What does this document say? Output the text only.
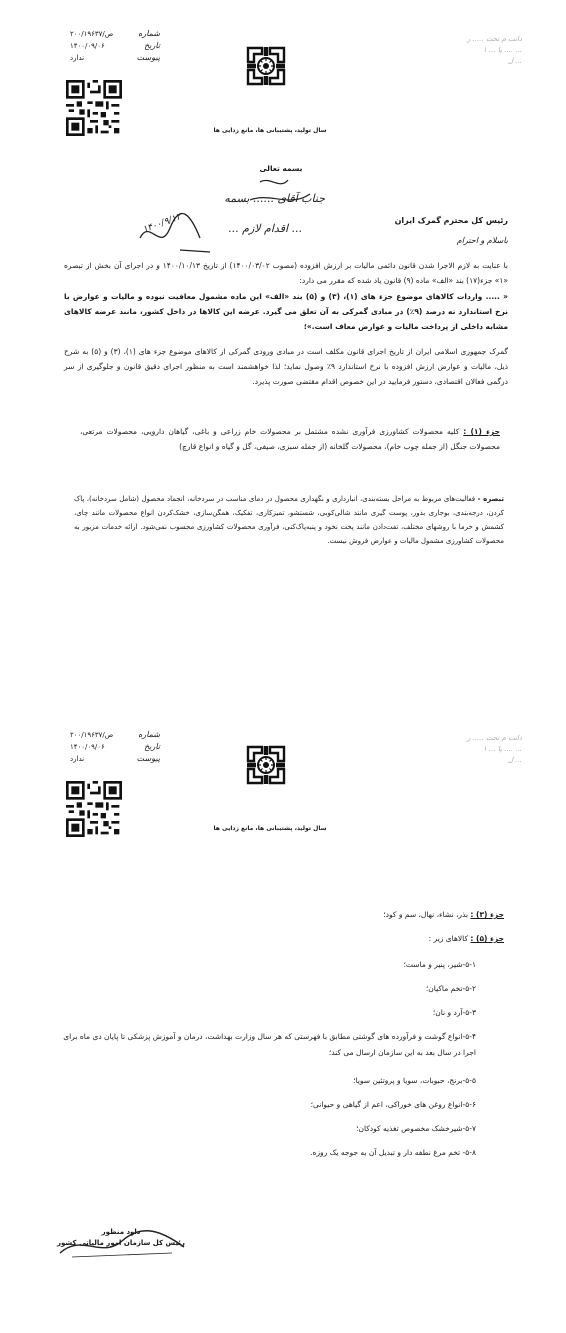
۲۰۰/۱۹۶۳۷/ص	شماره
۱۴۰۰/۰۹/۰۶	تاریخ
ندارد	پیوست
سال تولید، پشتیبانی ها، مانع زدایی ها
دانت م تحت ..... ر
... .... پا ... ۱
... ل
بسمه تعالی
جناب آقای ...... بسمه
... اقدام لازم ...
۱۴۰۰/۹/۱۲	رئیس کل محترم گمرک ایران
باسلام و احترام
با عنایت به لازم الاجرا شدن قانون دائمی مالیات بر ارزش افزوده (مصوب ۱۴۰۰/۰۳/۰۲) از تاریخ ۱۴۰۰/۱۰/۱۳ و در اجرای آن بخش از تبصره «۱» جزء(۱۷) بند «الف» ماده (۹) قانون یاد شده که مقرر می دارد:
« ..... واردات کالاهای موضوع جزء های (۱)، (۳) و (۵) بند «الف» این ماده مشمول معافیت نبوده و مالیات و عوارض با نرخ استاندارد نه درصد (۹٪) در مبادی گمرکی به آن تعلق می گیرد. عرضه این کالاها در داخل کشور، مانند عرضه کالاهای مشابه داخلی از پرداخت مالیات و عوارض معاف است.»؛
گمرک جمهوری اسلامی ایران از تاریخ اجرای قانون مکلف است در مبادی ورودی گمرکی از کالاهای موضوع جزء های (۱)، (۳) و (۵) به شرح ذیل، مالیات و عوارض ارزش افزوده با نرخ استاندارد ۹٪ وصول نماید؛ لذا خواهشمند است به منظور اجرای دقیق قانون و جلوگیری از سر درگمی فعالان اقتصادی، دستور فرمایید در این خصوص اقدام مقتضی صورت پذیرد.
جزء (۱) : کلیه محصولات کشاورزی فرآوری نشده مشتمل بر محصولات خام زراعی و باغی، گیاهان دارویی، محصولات مرتعی، محصولات جنگل (از جمله چوب خام)، محصولات گلخانه (از جمله سبزی، صیفی، گل و گیاه و انواع قارچ)
تبصره - فعالیت‌های مربوط به مراحل بسته‌بندی، انبارداری و نگهداری محصول در دمای مناسب در سردخانه، انجماد محصول (شامل سردخانه)، پاک کردن، درجه‌بندی، بوجاری بذور، پوست گیری مانند شالی‌کوبی، شستشو، تمیزکاری، تفکیک، همگن‌سازی، خشک‌کردن انواع محصولات مانند چای، کشمش و خرما با روشهای مختلف، تفت‌دادن مانند پخت نخود و پنبه‌پاک‌کنی، فرآوری محصولات کشاورزی محسوب نمی‌شود. ارائه خدمات مزبور به محصولات کشاورزی مشمول مالیات و عوارض فروش نیست.
۲۰۰/۱۹۶۳۷/ص	شماره
۱۴۰۰/۰۹/۰۶	تاریخ
ندارد	پیوست
سال تولید، پشتیبانی ها، مانع زدایی ها
دانت م تحت ..... ر
... .... پا ... ۱
... ل
جزء (۳) : بذر، نشاء، نهال، سم و کود؛
جزء (۵) : کالاهای زیر :
۵-۱-شیر، پنیر و ماست؛
۵-۲-تخم ماکیان؛
۵-۳-آرد و نان؛
۵-۴-انواع گوشت و فرآورده های گوشتی مطابق با فهرستی که هر سال وزارت بهداشت، درمان و آموزش پزشکی تا پایان دی ماه برای اجرا در سال بعد به این سازمان ارسال می کند؛
۵-۵-برنج، حبوبات، سویا و پروتئین سویا؛
۵-۶-انواع روغن های خوراکی، اعم از گیاهی و حیوانی؛
۵-۷-شیرخشک مخصوص تغذیه کودکان؛
۵-۸- تخم مرغ نطفه دار و تبدیل آن به جوجه یک روزه.
داود منظور
رئیس کل سازمان امور مالیاتی کشور
